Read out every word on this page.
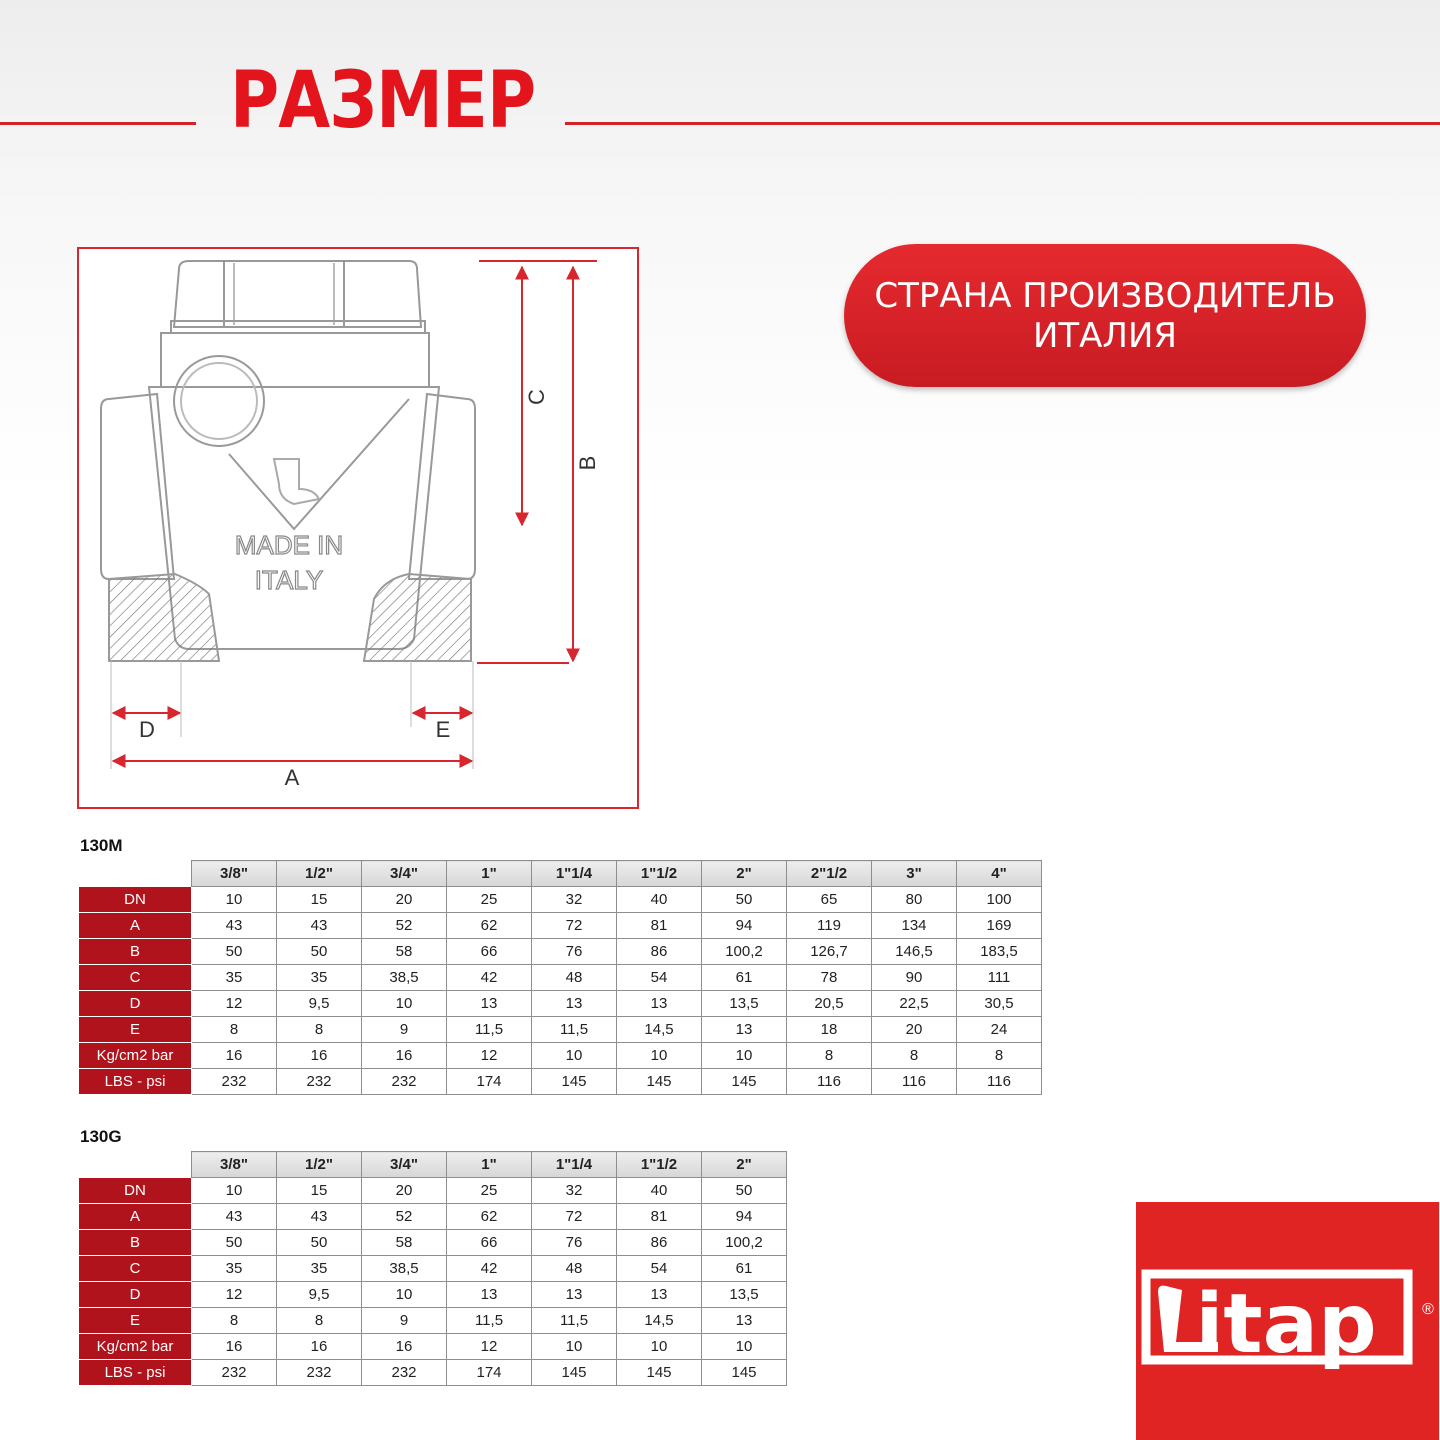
РАЗМЕР
СТРАНА ПРОИЗВОДИТЕЛЬ
ИТАЛИЯ
MADE IN
ITALY
C
B
D	E
A
130M
	3/8"	1/2"	3/4"	1"	1"1/4	1"1/2	2"	2"1/2	3"	4"
DN	10	15	20	25	32	40	50	65	80	100
A	43	43	52	62	72	81	94	119	134	169
B	50	50	58	66	76	86	100,2	126,7	146,5	183,5
C	35	35	38,5	42	48	54	61	78	90	111
D	12	9,5	10	13	13	13	13,5	20,5	22,5	30,5
E	8	8	9	11,5	11,5	14,5	13	18	20	24
Kg/cm2 bar	16	16	16	12	10	10	10	8	8	8
LBS - psi	232	232	232	174	145	145	145	116	116	116
130G
	3/8"	1/2"	3/4"	1"	1"1/4	1"1/2	2"
DN	10	15	20	25	32	40	50
A	43	43	52	62	72	81	94
B	50	50	58	66	76	86	100,2
C	35	35	38,5	42	48	54	61
D	12	9,5	10	13	13	13	13,5
E	8	8	9	11,5	11,5	14,5	13
Kg/cm2 bar	16	16	16	12	10	10	10
LBS - psi	232	232	232	174	145	145	145
itap	®
